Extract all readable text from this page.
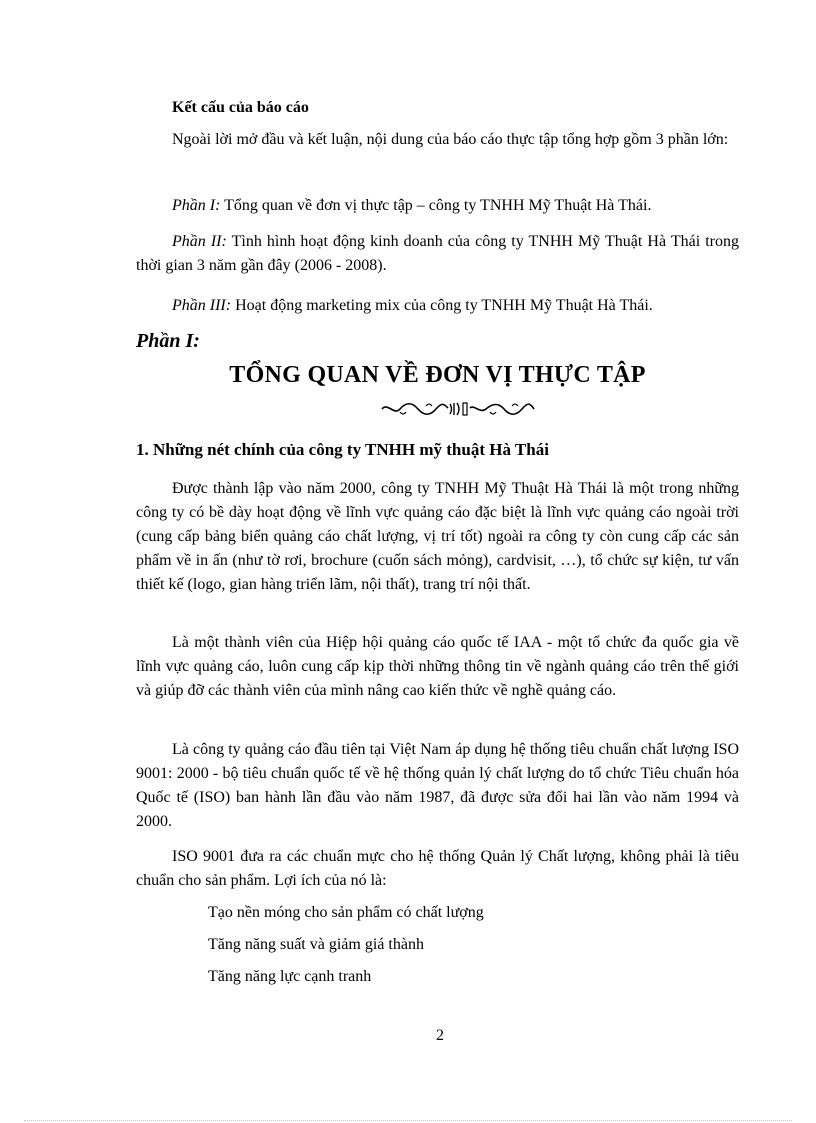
Kết cấu của báo cáo

Ngoài lời mở đầu và kết luận, nội dung của báo cáo thực tập tổng hợp gồm 3 phần lớn:

Phần I: Tổng quan về đơn vị thực tập – công ty TNHH Mỹ Thuật Hà Thái.

Phần II: Tình hình hoạt động kinh doanh của công ty TNHH Mỹ Thuật Hà Thái trong thời gian 3 năm gần đây (2006 - 2008).

Phần III: Hoạt động marketing mix của công ty TNHH Mỹ Thuật Hà Thái.

Phần I:
TỔNG QUAN VỀ ĐƠN VỊ THỰC TẬP
1. Những nét chính của công ty TNHH mỹ thuật Hà Thái

Được thành lập vào năm 2000, công ty TNHH Mỹ Thuật Hà Thái là một trong những công ty có bề dày hoạt động về lĩnh vực quảng cáo đặc biệt là lĩnh vực quảng cáo ngoài trời (cung cấp bảng biển quảng cáo chất lượng, vị trí tốt) ngoài ra công ty còn cung cấp các sản phẩm về in ấn (như tờ rơi, brochure (cuốn sách mỏng), cardvisit, …), tổ chức sự kiện, tư vấn thiết kế (logo, gian hàng triển lãm, nội thất), trang trí nội thất.

Là một thành viên của Hiệp hội quảng cáo quốc tế IAA - một tổ chức đa quốc gia về lĩnh vực quảng cáo, luôn cung cấp kịp thời những thông tin về ngành quảng cáo trên thế giới và giúp đỡ các thành viên của mình nâng cao kiến thức về nghề quảng cáo.

Là công ty quảng cáo đầu tiên tại Việt Nam áp dụng hệ thống tiêu chuẩn chất lượng ISO 9001: 2000 - bộ tiêu chuẩn quốc tế về hệ thống quản lý chất lượng do tổ chức Tiêu chuẩn hóa Quốc tế (ISO) ban hành lần đầu vào năm 1987, đã được sửa đổi hai lần vào năm 1994 và 2000.

ISO 9001 đưa ra các chuẩn mực cho hệ thống Quản lý Chất lượng, không phải là tiêu chuẩn cho sản phẩm. Lợi ích của nó là:

Tạo nền móng cho sản phẩm có chất lượng
Tăng năng suất và giảm giá thành
Tăng năng lực cạnh tranh
2
